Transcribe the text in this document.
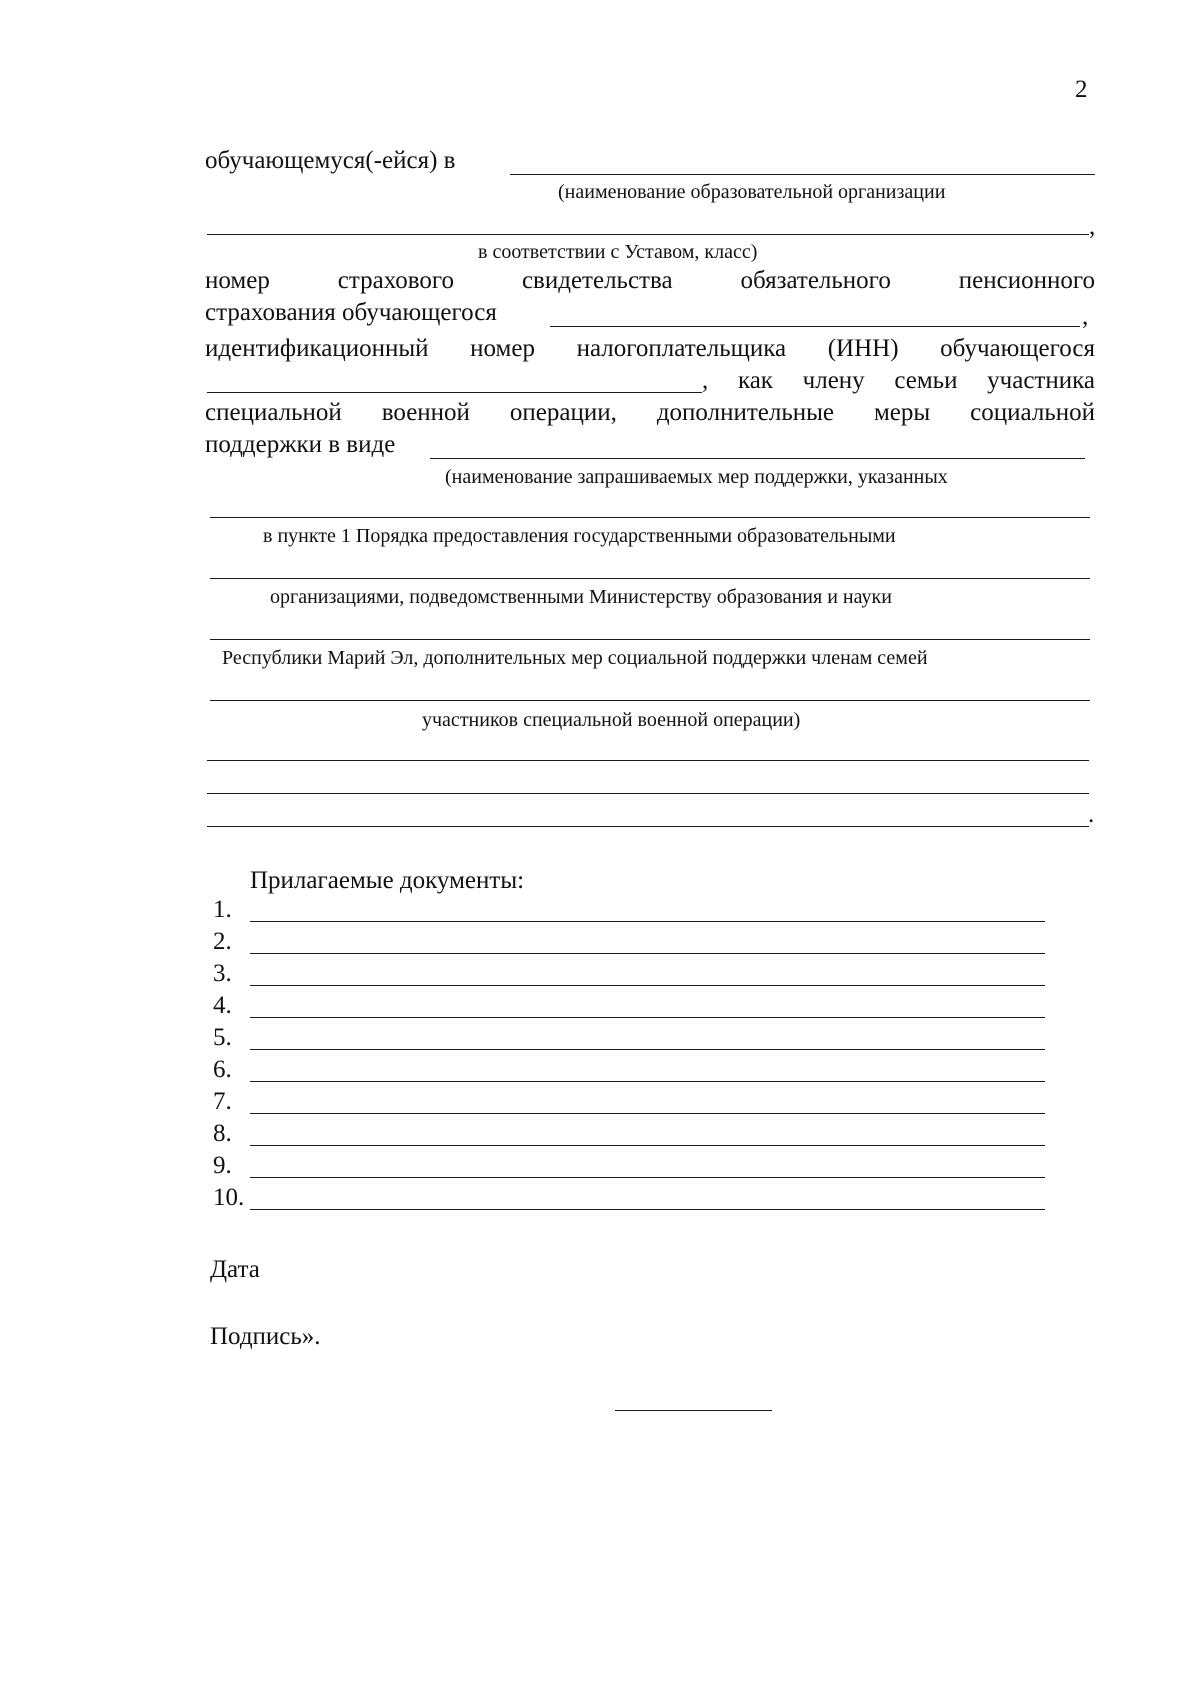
2
обучающемуся(-ейся) в
(наименование образовательной организации
,
в соответствии с Уставом, класс)
номер	страхового	свидетельства	обязательного	пенсионного
страхования обучающегося	,
идентификационный номер налогоплательщика (ИНН) обучающегося
, как члену семьи участника
специальной военной операции, дополнительные меры социальной
поддержки в виде
(наименование запрашиваемых мер поддержки, указанных
в пункте 1 Порядка предоставления государственными образовательными
организациями, подведомственными Министерству образования и науки
Республики Марий Эл, дополнительных мер социальной поддержки членам семей
участников специальной военной операции)
.
Прилагаемые документы:
1.
2.
3.
4.
5.
6.
7.
8.
9.
10.
Дата
Подпись».
